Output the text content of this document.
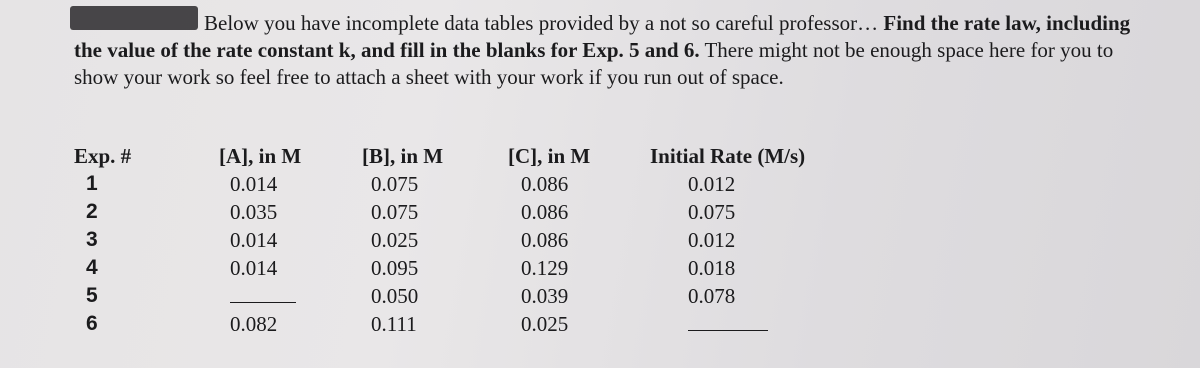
Below you have incomplete data tables provided by a not so careful professor… Find the rate law, including the value of the rate constant k, and fill in the blanks for Exp. 5 and 6. There might not be enough space here for you to show your work so feel free to attach a sheet with your work if you run out of space.

Exp. #
1
2
3
4
5
6
[A], in M
0.014
0.035
0.014
0.014
0.082
[B], in M
0.075
0.075
0.025
0.095
0.050
0.111
[C], in M
0.086
0.086
0.086
0.129
0.039
0.025
Initial Rate (M/s)
0.012
0.075
0.012
0.018
0.078
